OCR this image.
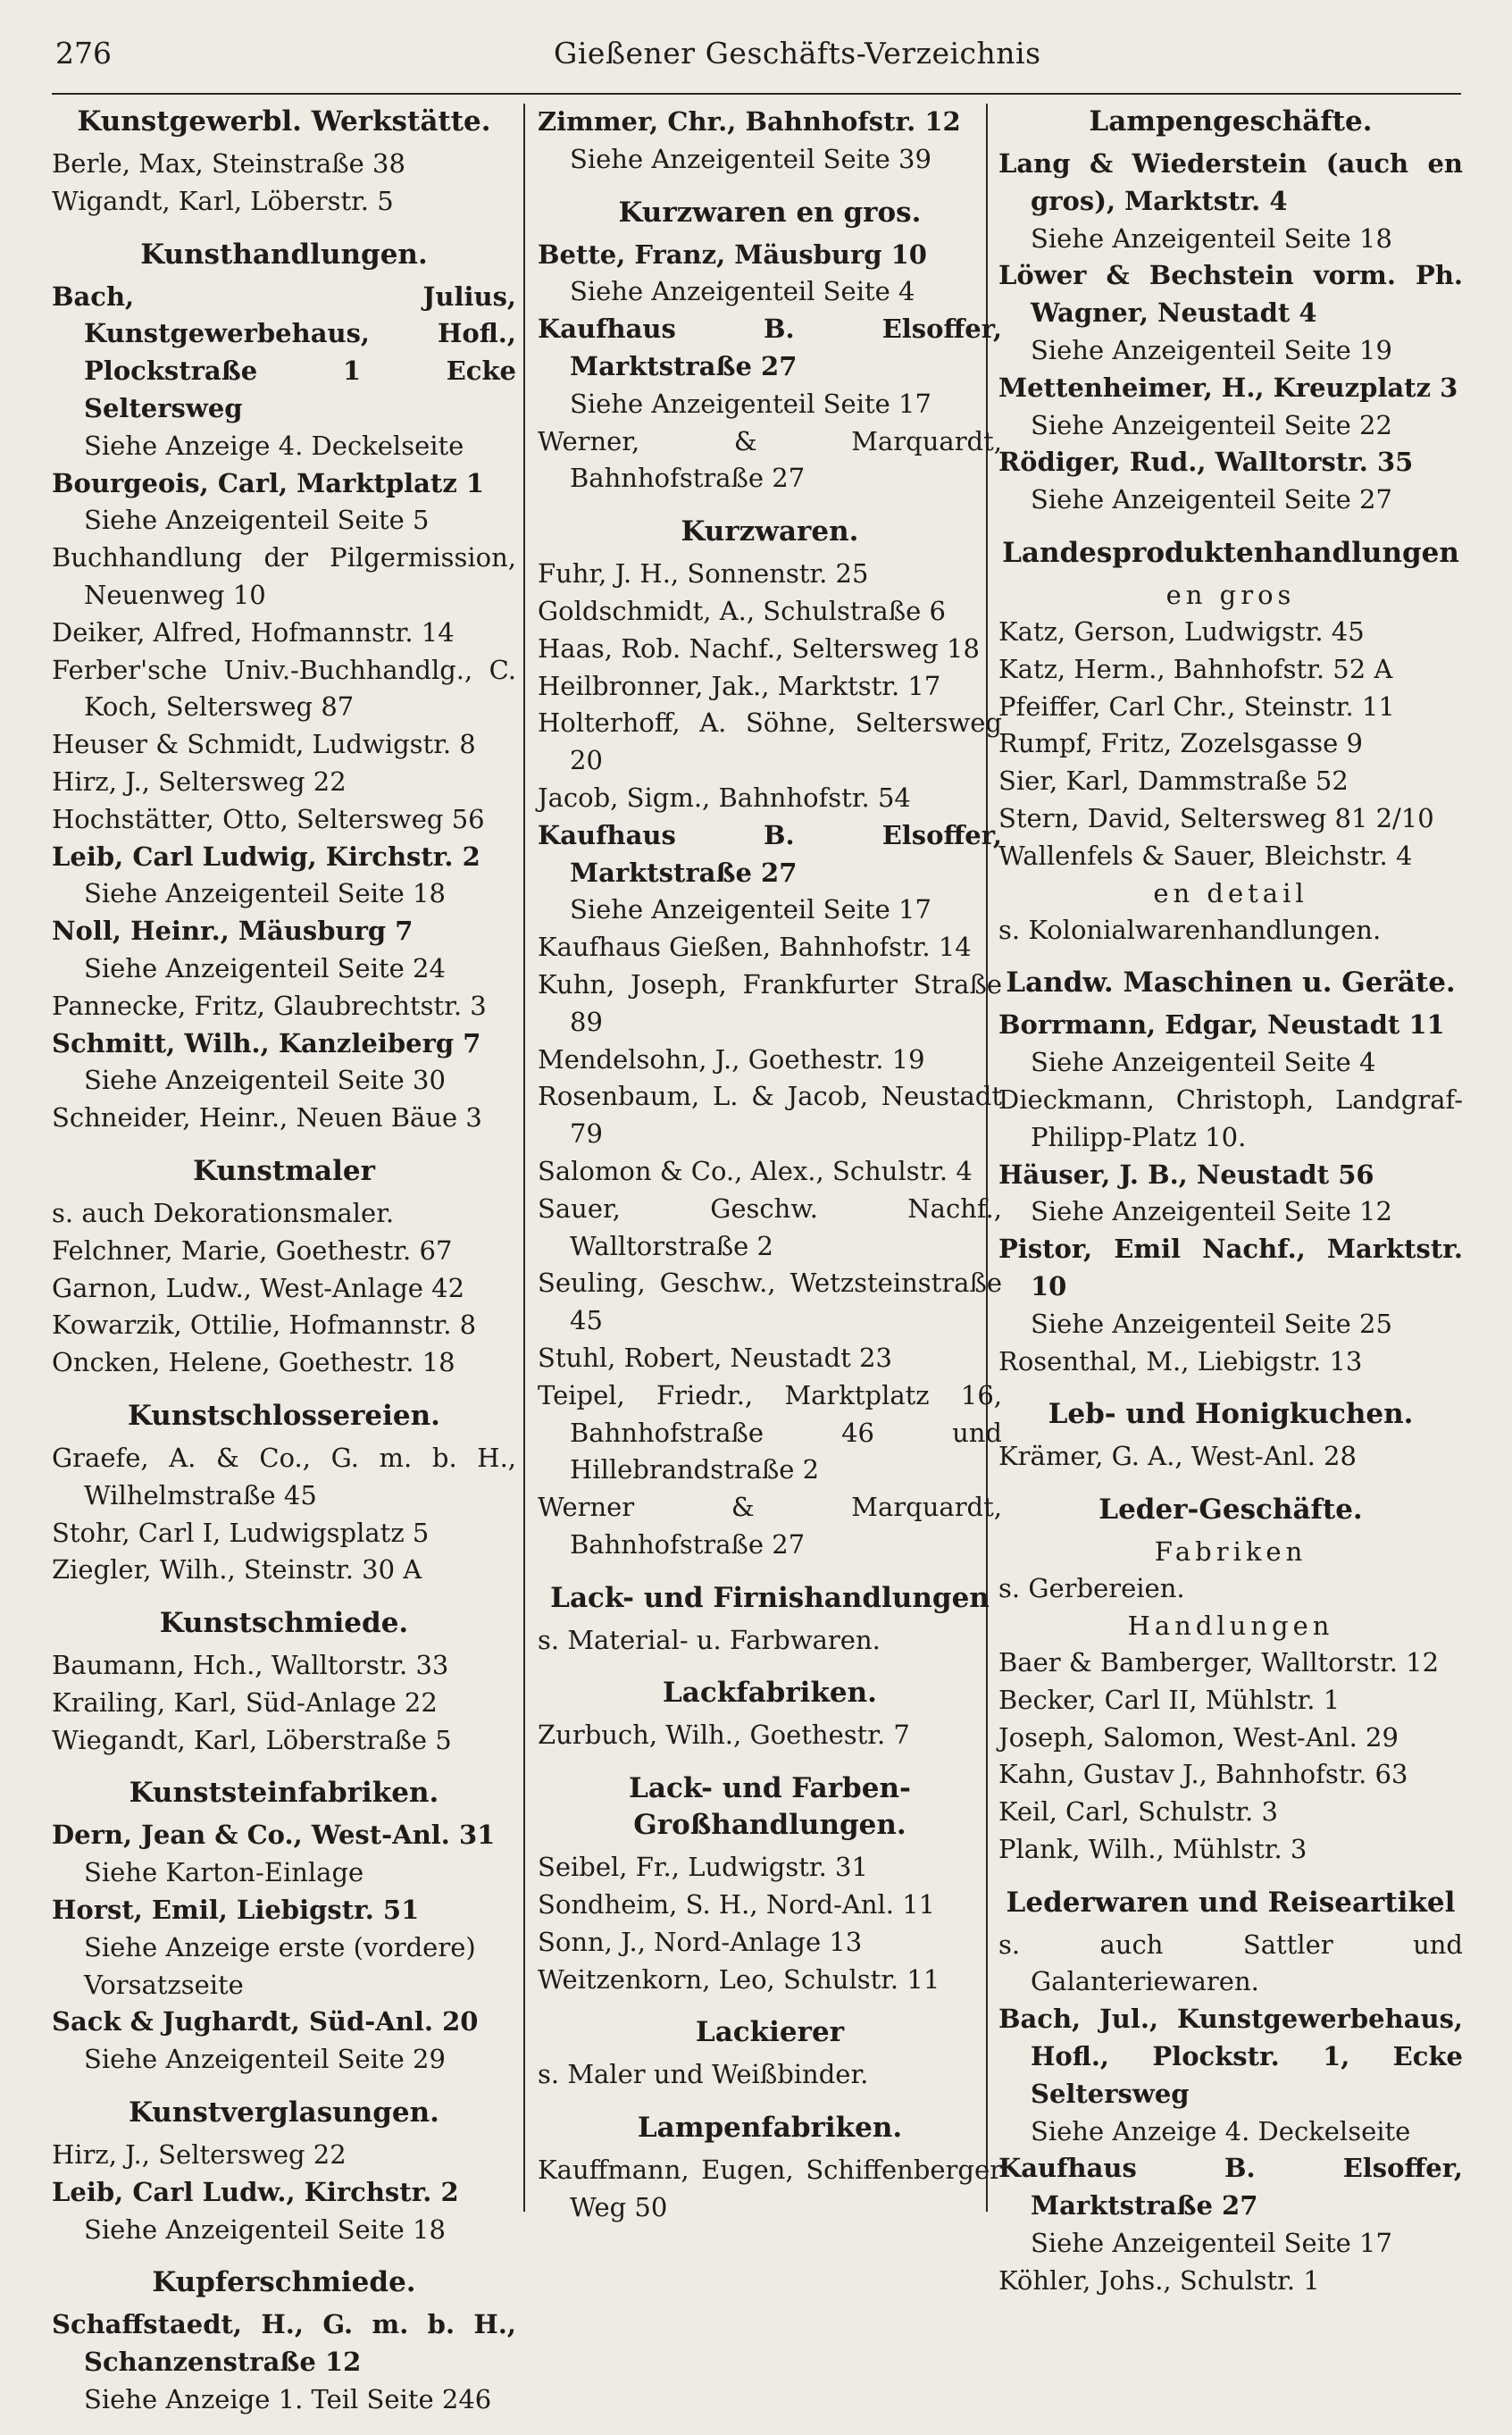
276	Gießener Geschäfts-Verzeichnis
Kunstgewerbl. Werkstätte.
Berle, Max, Steinstraße 38
Wigandt, Karl, Löberstr. 5
Kunsthandlungen.
Bach, Julius, Kunstgewerbehaus, Hofl., Plockstraße 1 Ecke Seltersweg
Siehe Anzeige 4. Deckelseite
Bourgeois, Carl, Marktplatz 1
Siehe Anzeigenteil Seite 5
Buchhandlung der Pilgermission, Neuenweg 10
Deiker, Alfred, Hofmannstr. 14
Ferber'sche Univ.-Buchhandlg., C. Koch, Seltersweg 87
Heuser & Schmidt, Ludwigstr. 8
Hirz, J., Seltersweg 22
Hochstätter, Otto, Seltersweg 56
Leib, Carl Ludwig, Kirchstr. 2
Siehe Anzeigenteil Seite 18
Noll, Heinr., Mäusburg 7
Siehe Anzeigenteil Seite 24
Pannecke, Fritz, Glaubrechtstr. 3
Schmitt, Wilh., Kanzleiberg 7
Siehe Anzeigenteil Seite 30
Schneider, Heinr., Neuen Bäue 3
Kunstmaler
s. auch Dekorationsmaler.
Felchner, Marie, Goethestr. 67
Garnon, Ludw., West-Anlage 42
Kowarzik, Ottilie, Hofmannstr. 8
Oncken, Helene, Goethestr. 18
Kunstschlossereien.
Graefe, A. & Co., G. m. b. H., Wilhelmstraße 45
Stohr, Carl I, Ludwigsplatz 5
Ziegler, Wilh., Steinstr. 30 A
Kunstschmiede.
Baumann, Hch., Walltorstr. 33
Krailing, Karl, Süd-Anlage 22
Wiegandt, Karl, Löberstraße 5
Kunststeinfabriken.
Dern, Jean & Co., West-Anl. 31
Siehe Karton-Einlage
Horst, Emil, Liebigstr. 51
Siehe Anzeige erste (vordere) Vorsatzseite
Sack & Jughardt, Süd-Anl. 20
Siehe Anzeigenteil Seite 29
Kunstverglasungen.
Hirz, J., Seltersweg 22
Leib, Carl Ludw., Kirchstr. 2
Siehe Anzeigenteil Seite 18
Kupferschmiede.
Schaffstaedt, H., G. m. b. H., Schanzenstraße 12
Siehe Anzeige 1. Teil Seite 246
Zimmer, Chr., Bahnhofstr. 12
Siehe Anzeigenteil Seite 39
Kurzwaren en gros.
Bette, Franz, Mäusburg 10
Siehe Anzeigenteil Seite 4
Kaufhaus B. Elsoffer, Marktstraße 27
Siehe Anzeigenteil Seite 17
Werner, & Marquardt, Bahnhofstraße 27
Kurzwaren.
Fuhr, J. H., Sonnenstr. 25
Goldschmidt, A., Schulstraße 6
Haas, Rob. Nachf., Seltersweg 18
Heilbronner, Jak., Marktstr. 17
Holterhoff, A. Söhne, Seltersweg 20
Jacob, Sigm., Bahnhofstr. 54
Kaufhaus B. Elsoffer, Marktstraße 27
Siehe Anzeigenteil Seite 17
Kaufhaus Gießen, Bahnhofstr. 14
Kuhn, Joseph, Frankfurter Straße 89
Mendelsohn, J., Goethestr. 19
Rosenbaum, L. & Jacob, Neustadt 79
Salomon & Co., Alex., Schulstr. 4
Sauer, Geschw. Nachf., Walltorstraße 2
Seuling, Geschw., Wetzsteinstraße 45
Stuhl, Robert, Neustadt 23
Teipel, Friedr., Marktplatz 16, Bahnhofstraße 46 und Hillebrandstraße 2
Werner & Marquardt, Bahnhofstraße 27
Lack- und Firnishandlungen
s. Material- u. Farbwaren.
Lackfabriken.
Zurbuch, Wilh., Goethestr. 7
Lack- und Farben-Großhandlungen.
Seibel, Fr., Ludwigstr. 31
Sondheim, S. H., Nord-Anl. 11
Sonn, J., Nord-Anlage 13
Weitzenkorn, Leo, Schulstr. 11
Lackierer
s. Maler und Weißbinder.
Lampenfabriken.
Kauffmann, Eugen, Schiffenberger Weg 50
Lampengeschäfte.
Lang & Wiederstein (auch en gros), Marktstr. 4
Siehe Anzeigenteil Seite 18
Löwer & Bechstein vorm. Ph. Wagner, Neustadt 4
Siehe Anzeigenteil Seite 19
Mettenheimer, H., Kreuzplatz 3
Siehe Anzeigenteil Seite 22
Rödiger, Rud., Walltorstr. 35
Siehe Anzeigenteil Seite 27
Landesproduktenhandlungen
en gros
Katz, Gerson, Ludwigstr. 45
Katz, Herm., Bahnhofstr. 52 A
Pfeiffer, Carl Chr., Steinstr. 11
Rumpf, Fritz, Zozelsgasse 9
Sier, Karl, Dammstraße 52
Stern, David, Seltersweg 81 2/10
Wallenfels & Sauer, Bleichstr. 4
en detail
s. Kolonialwarenhandlungen.
Landw. Maschinen u. Geräte.
Borrmann, Edgar, Neustadt 11
Siehe Anzeigenteil Seite 4
Dieckmann, Christoph, Landgraf-Philipp-Platz 10.
Häuser, J. B., Neustadt 56
Siehe Anzeigenteil Seite 12
Pistor, Emil Nachf., Marktstr. 10
Siehe Anzeigenteil Seite 25
Rosenthal, M., Liebigstr. 13
Leb- und Honigkuchen.
Krämer, G. A., West-Anl. 28
Leder-Geschäfte.
Fabriken
s. Gerbereien.
Handlungen
Baer & Bamberger, Walltorstr. 12
Becker, Carl II, Mühlstr. 1
Joseph, Salomon, West-Anl. 29
Kahn, Gustav J., Bahnhofstr. 63
Keil, Carl, Schulstr. 3
Plank, Wilh., Mühlstr. 3
Lederwaren und Reiseartikel
s. auch Sattler und Galanteriewaren.
Bach, Jul., Kunstgewerbehaus, Hofl., Plockstr. 1, Ecke Seltersweg
Siehe Anzeige 4. Deckelseite
Kaufhaus B. Elsoffer, Marktstraße 27
Siehe Anzeigenteil Seite 17
Köhler, Johs., Schulstr. 1
